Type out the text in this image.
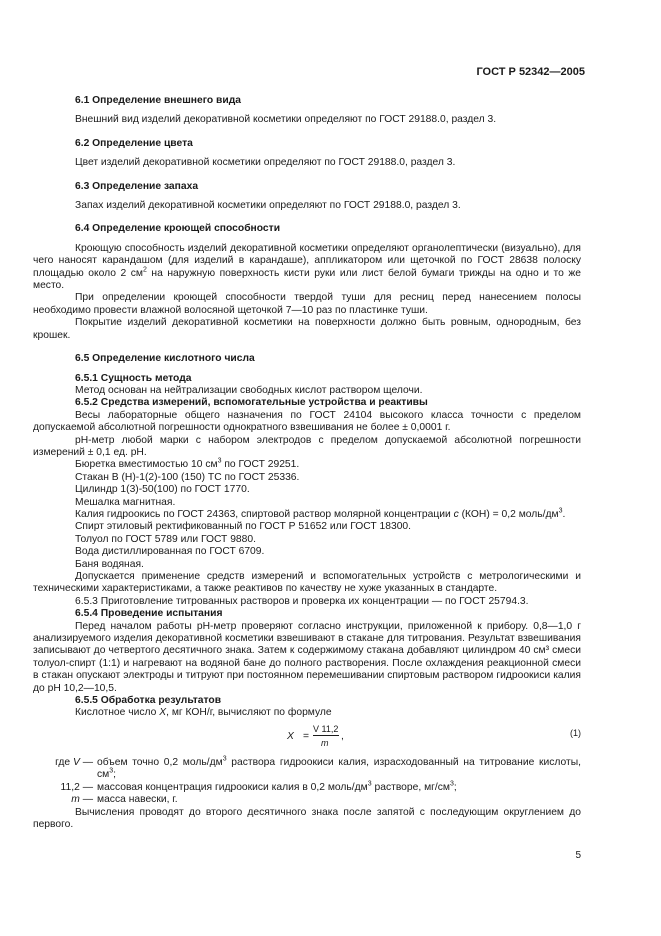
ГОСТ Р 52342—2005
6.1 Определение внешнего вида

Внешний вид изделий декоративной косметики определяют по ГОСТ 29188.0, раздел 3.

6.2 Определение цвета

Цвет изделий декоративной косметики определяют по ГОСТ 29188.0, раздел 3.

6.3 Определение запаха

Запах изделий декоративной косметики определяют по ГОСТ 29188.0, раздел 3.

6.4 Определение кроющей способности

Кроющую способность изделий декоративной косметики определяют органолептически (визуально), для чего наносят карандашом (для изделий в карандаше), аппликатором или щеточкой по ГОСТ 28638 полоску площадью около 2 $см^2$ на наружную поверхность кисти руки или лист белой бумаги трижды на одно и то же место.

При определении кроющей способности твердой туши для ресниц перед нанесением полосы необходимо провести влажной волосяной щеточкой 7—10 раз по пластинке туши.

Покрытие изделий декоративной косметики на поверхности должно быть ровным, однородным, без крошек.

6.5 Определение кислотного числа
6.5.1 Сущность метода

Метод основан на нейтрализации свободных кислот раствором щелочи.

6.5.2 Средства измерений, вспомогательные устройства и реактивы

Весы лабораторные общего назначения по ГОСТ 24104 высокого класса точности с пределом допускаемой абсолютной погрешности однократного взвешивания не более ± 0,0001 г.

pH-метр любой марки с набором электродов с пределом допускаемой абсолютной погрешности измерений ± 0,1 ед. pH.

Бюретка вместимостью 10 $см^3$ по ГОСТ 29251.

Стакан В (Н)-1(2)-100 (150) ТС по ГОСТ 25336.

Цилиндр 1(3)-50(100) по ГОСТ 1770.

Мешалка магнитная.

Калия гидроокись по ГОСТ 24363, спиртовой раствор молярной концентрации с (КОН) = 0,2 моль/$дм^3$.

Спирт этиловый ректификованный по ГОСТ Р 51652 или ГОСТ 18300.

Толуол по ГОСТ 5789 или ГОСТ 9880.

Вода дистиллированная по ГОСТ 6709.

Баня водяная.

Допускается применение средств измерений и вспомогательных устройств с метрологическими и техническими характеристиками, а также реактивов по качеству не хуже указанных в стандарте.

6.5.3 Приготовление титрованных растворов и проверка их концентрации — по ГОСТ 25794.3.

6.5.4 Проведение испытания

Перед началом работы pH-метр проверяют согласно инструкции, приложенной к прибору. 0,8—1,0 г анализируемого изделия декоративной косметики взвешивают в стакане для титрования. Результат взвешивания записывают до четвертого десятичного знака. Затем к содержимому стакана добавляют цилиндром 40 см³ смеси толуол-спирт (1:1) и нагревают на водяной бане до полного растворения. После охлаждения реакционной смеси в стакан опускают электроды и титруют при постоянном перемешивании спиртовым раствором гидроокиси калия до pH 10,2—10,5.

6.5.5 Обработка результатов

Кислотное число X, мг КОН/г, вычисляют по формуле

X =
V 11,2
m
,	(1)
где V — объем точно 0,2 моль/$дм^3$ раствора гидроокиси калия, израсходованный на титрование кислоты, $см^3$;
11,2 — массовая концентрация гидроокиси калия в 0,2 моль/$дм^3$ растворе, $мг/см^3$;
m — масса навески, г.

Вычисления проводят до второго десятичного знака после запятой с последующим округлением до первого.

5
